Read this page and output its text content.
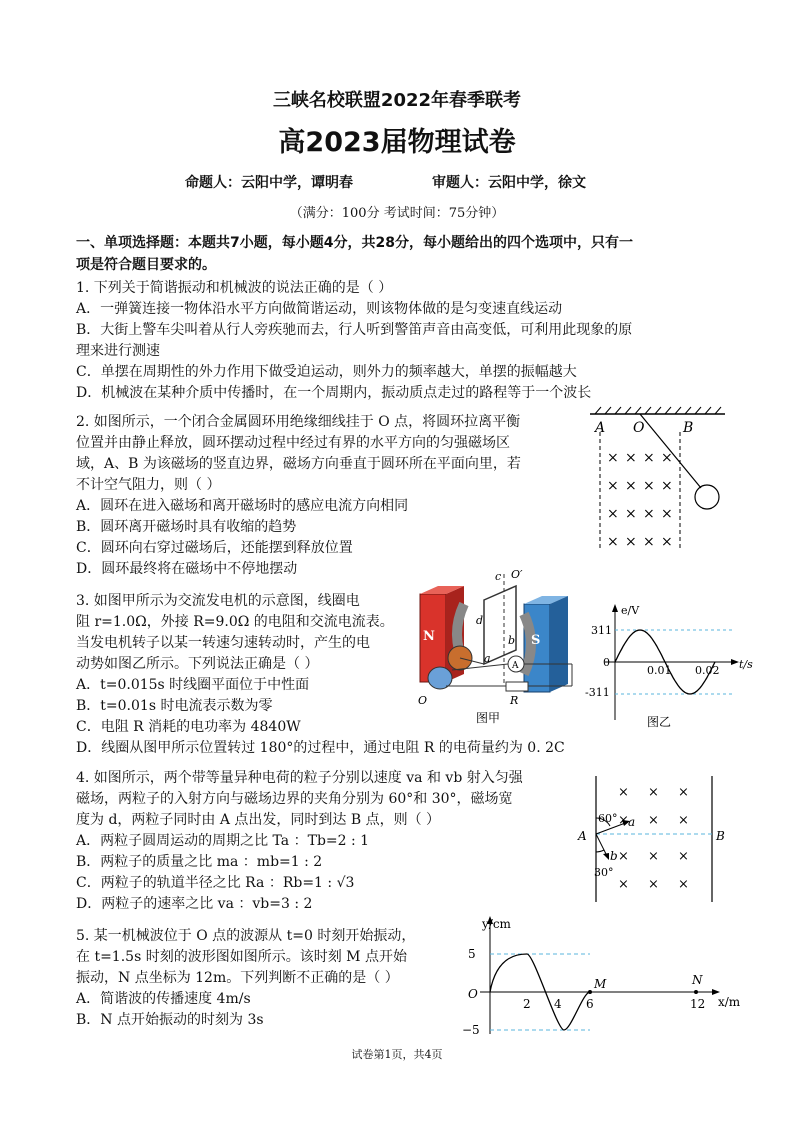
三峡名校联盟2022年春季联考
高2023届物理试卷
命题人：云阳中学，谭明春	审题人：云阳中学，徐文
（满分：100分 考试时间：75分钟）
一、单项选择题：本题共7小题，每小题4分，共28分，每小题给出的四个选项中，只有一
项是符合题目要求的。
1. 下列关于简谐振动和机械波的说法正确的是（ ）
A．一弹簧连接一物体沿水平方向做简谐运动，则该物体做的是匀变速直线运动
B．大街上警车尖叫着从行人旁疾驰而去，行人听到警笛声音由高变低，可利用此现象的原
理来进行测速
C．单摆在周期性的外力作用下做受迫运动，则外力的频率越大，单摆的振幅越大
D．机械波在某种介质中传播时，在一个周期内，振动质点走过的路程等于一个波长
2. 如图所示，一个闭合金属圆环用绝缘细线挂于 O 点，将圆环拉离平衡
位置并由静止释放，圆环摆动过程中经过有界的水平方向的匀强磁场区
域，A、B 为该磁场的竖直边界，磁场方向垂直于圆环所在平面向里，若
不计空气阻力，则（ ）
A．圆环在进入磁场和离开磁场时的感应电流方向相同
B．圆环离开磁场时具有收缩的趋势
C．圆环向右穿过磁场后，还能摆到释放位置
D．圆环最终将在磁场中不停地摆动
A O	B
× × × ×
× × × ×
× × × ×
× × × ×
3. 如图甲所示为交流发电机的示意图，线圈电
阻 r=1.0Ω，外接 R=9.0Ω 的电阻和交流电流表。
当发电机转子以某一转速匀速转动时，产生的电
动势如图乙所示。下列说法正确是（ ）
A．t=0.015s 时线圈平面位于中性面
B．t=0.01s 时电流表示数为零
C．电阻 R 消耗的电功率为 4840W
D．线圈从图甲所示位置转过 180°的过程中，通过电阻 R 的电荷量约为 0. 2C
N	S
c O′
d
b
a
A
O	R
图甲
e/V
t/s
311
-311
0
0.01 0.02
图乙
4. 如图所示，两个带等量异种电荷的粒子分别以速度 va 和 vb 射入匀强
磁场，两粒子的入射方向与磁场边界的夹角分别为 60°和 30°，磁场宽
度为 d，两粒子同时由 A 点出发，同时到达 B 点，则（ ）
A．两粒子圆周运动的周期之比 Ta ：Tb=2 : 1
B．两粒子的质量之比 ma ：mb=1 : 2
C．两粒子的轨道半径之比 Ra ：Rb=1 : √3
D．两粒子的速率之比 va ：vb=3 : 2
A	B
60°
30°
a
b
× × ×
× × ×
× × ×
× × ×
5. 某一机械波位于 O 点的波源从 t=0 时刻开始振动，
在 t=1.5s 时刻的波形图如图所示。该时刻 M 点开始
振动，N 点坐标为 12m。下列判断不正确的是（ ）
A．简谐波的传播速度 4m/s
B．N 点开始振动的时刻为 3s
y/cm
x/m
5
−5
O
2 4 6	12
M	N
试卷第1页，共4页
